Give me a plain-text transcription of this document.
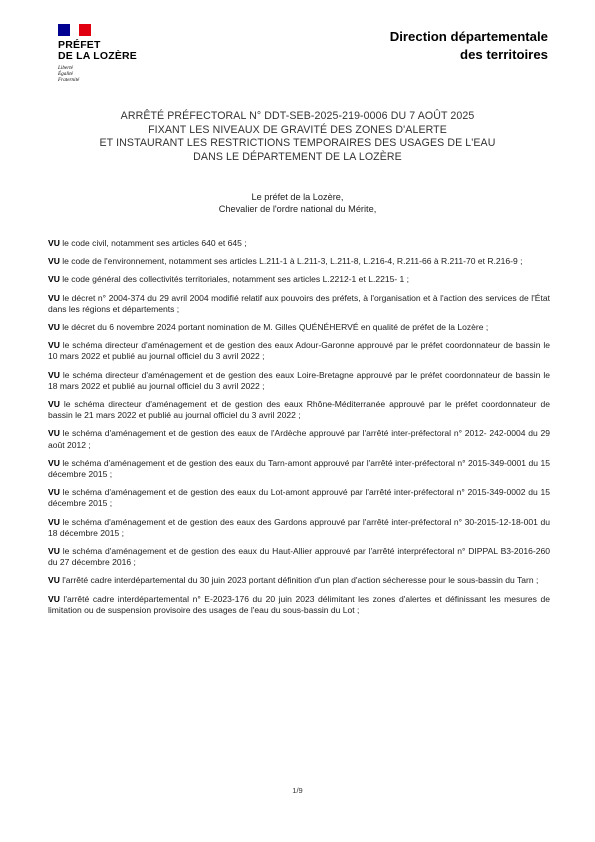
PRÉFET
DE LA LOZÈRE
Liberté
Égalité
Fraternité
Direction départementale
des territoires
ARRÊTÉ PRÉFECTORAL N° DDT-SEB-2025-219-0006 DU 7 AOÛT 2025
FIXANT LES NIVEAUX DE GRAVITÉ DES ZONES D'ALERTE
ET INSTAURANT LES RESTRICTIONS TEMPORAIRES DES USAGES DE L'EAU
DANS LE DÉPARTEMENT DE LA LOZÈRE
Le préfet de la Lozère,
Chevalier de l'ordre national du Mérite,

VU le code civil, notamment ses articles 640 et 645 ;

VU le code de l'environnement, notamment ses articles L.211-1 à L.211-3, L.211-8, L.216-4, R.211-66 à R.211-70 et R.216-9 ;

VU le code général des collectivités territoriales, notamment ses articles L.2212-1 et L.2215- 1 ;

VU le décret n° 2004-374 du 29 avril 2004 modifié relatif aux pouvoirs des préfets, à l'organisation et à l'action des services de l'État dans les régions et départements ;

VU le décret du 6 novembre 2024 portant nomination de M. Gilles QUÉNÉHERVÉ en qualité de préfet de la Lozère ;

VU le schéma directeur d'aménagement et de gestion des eaux Adour-Garonne approuvé par le préfet coordonnateur de bassin le 10 mars 2022 et publié au journal officiel du 3 avril 2022 ;

VU le schéma directeur d'aménagement et de gestion des eaux Loire-Bretagne approuvé par le préfet coordonnateur de bassin le 18 mars 2022 et publié au journal officiel du 3 avril 2022 ;

VU le schéma directeur d'aménagement et de gestion des eaux Rhône-Méditerranée approuvé par le préfet coordonnateur de bassin le 21 mars 2022 et publié au journal officiel du 3 avril 2022 ;

VU le schéma d'aménagement et de gestion des eaux de l'Ardèche approuvé par l'arrêté inter-préfectoral n° 2012- 242-0004 du 29 août 2012 ;

VU le schéma d'aménagement et de gestion des eaux du Tarn-amont approuvé par l'arrêté inter-préfectoral n° 2015-349-0001 du 15 décembre 2015 ;

VU le schéma d'aménagement et de gestion des eaux du Lot-amont approuvé par l'arrêté inter-préfectoral n° 2015-349-0002 du 15 décembre 2015 ;

VU le schéma d'aménagement et de gestion des eaux des Gardons approuvé par l'arrêté inter-préfectoral n° 30-2015-12-18-001 du 18 décembre 2015 ;

VU le schéma d'aménagement et de gestion des eaux du Haut-Allier approuvé par l'arrêté interpréfectoral n° DIPPAL B3-2016-260 du 27 décembre 2016 ;

VU l'arrêté cadre interdépartemental du 30 juin 2023 portant définition d'un plan d'action sécheresse pour le sous-bassin du Tarn ;

VU l'arrêté cadre interdépartemental n° E-2023-176 du 20 juin 2023 délimitant les zones d'alertes et définissant les mesures de limitation ou de suspension provisoire des usages de l'eau du sous-bassin du Lot ;

1/9
